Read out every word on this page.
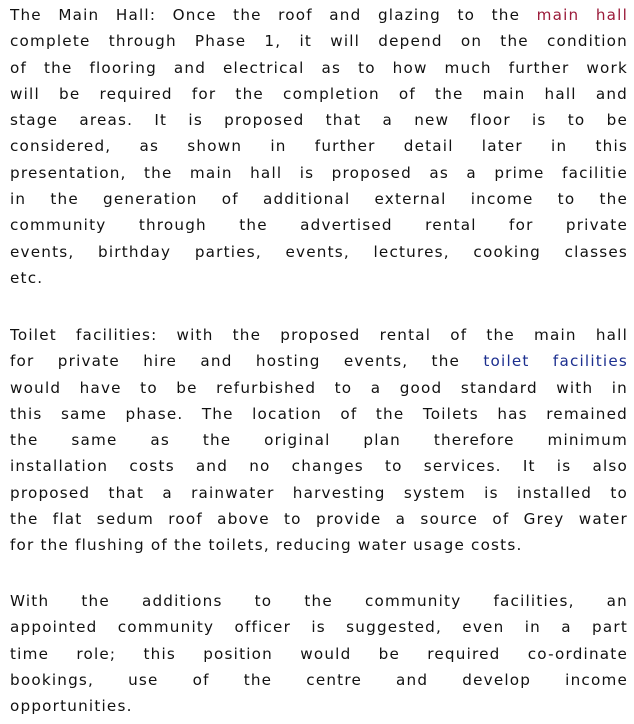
The Main Hall: Once the roof and glazing to the main hall
complete through Phase 1, it will depend on the condition
of the flooring and electrical as to how much further work
will be required for the completion of the main hall and
stage areas. It is proposed that a new floor is to be
considered, as shown in further detail later in this
presentation, the main hall is proposed as a prime facilitie
in the generation of additional external income to the
community through the advertised rental for private
events, birthday parties, events, lectures, cooking classes
etc.
Toilet facilities: with the proposed rental of the main hall
for private hire and hosting events, the toilet facilities
would have to be refurbished to a good standard with in
this same phase. The location of the Toilets has remained
the same as the original plan therefore minimum
installation costs and no changes to services. It is also
proposed that a rainwater harvesting system is installed to
the flat sedum roof above to provide a source of Grey water
for the flushing of the toilets, reducing water usage costs.
With the additions to the community facilities, an
appointed community officer is suggested, even in a part
time role; this position would be required co-ordinate
bookings, use of the centre and develop income
opportunities.
